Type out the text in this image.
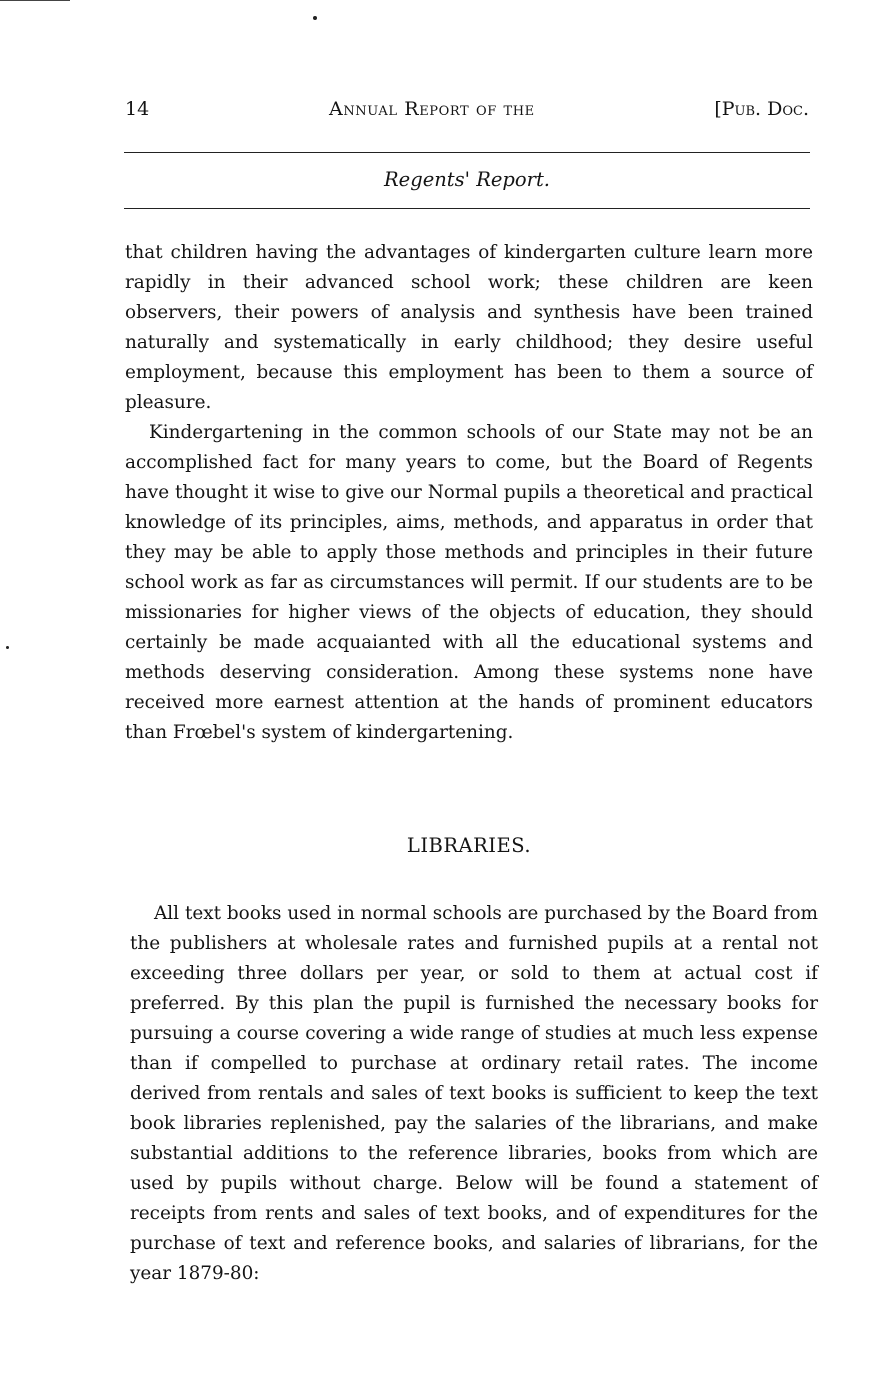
14	Annual Report of the	[Pub. Doc.
Regents' Report.

that children having the advantages of kindergarten culture learn more rapidly in their advanced school work; these children are keen observers, their powers of analysis and synthesis have been trained naturally and systematically in early childhood; they desire useful employment, because this employment has been to them a source of pleasure.

Kindergartening in the common schools of our State may not be an accomplished fact for many years to come, but the Board of Regents have thought it wise to give our Normal pupils a theoretical and practical knowledge of its principles, aims, methods, and apparatus in order that they may be able to apply those methods and principles in their future school work as far as circumstances will permit. If our students are to be missionaries for higher views of the objects of education, they should certainly be made acquaianted with all the educational systems and methods deserving consideration. Among these systems none have received more earnest attention at the hands of prominent educators than Frœbel's system of kindergartening.

LIBRARIES.

All text books used in normal schools are purchased by the Board from the publishers at wholesale rates and furnished pupils at a rental not exceeding three dollars per year, or sold to them at actual cost if preferred. By this plan the pupil is furnished the necessary books for pursuing a course covering a wide range of studies at much less expense than if compelled to purchase at ordinary retail rates. The income derived from rentals and sales of text books is sufficient to keep the text book libraries replenished, pay the salaries of the librarians, and make substantial additions to the reference libraries, books from which are used by pupils without charge. Below will be found a statement of receipts from rents and sales of text books, and of expenditures for the purchase of text and reference books, and salaries of librarians, for the year 1879-80:
